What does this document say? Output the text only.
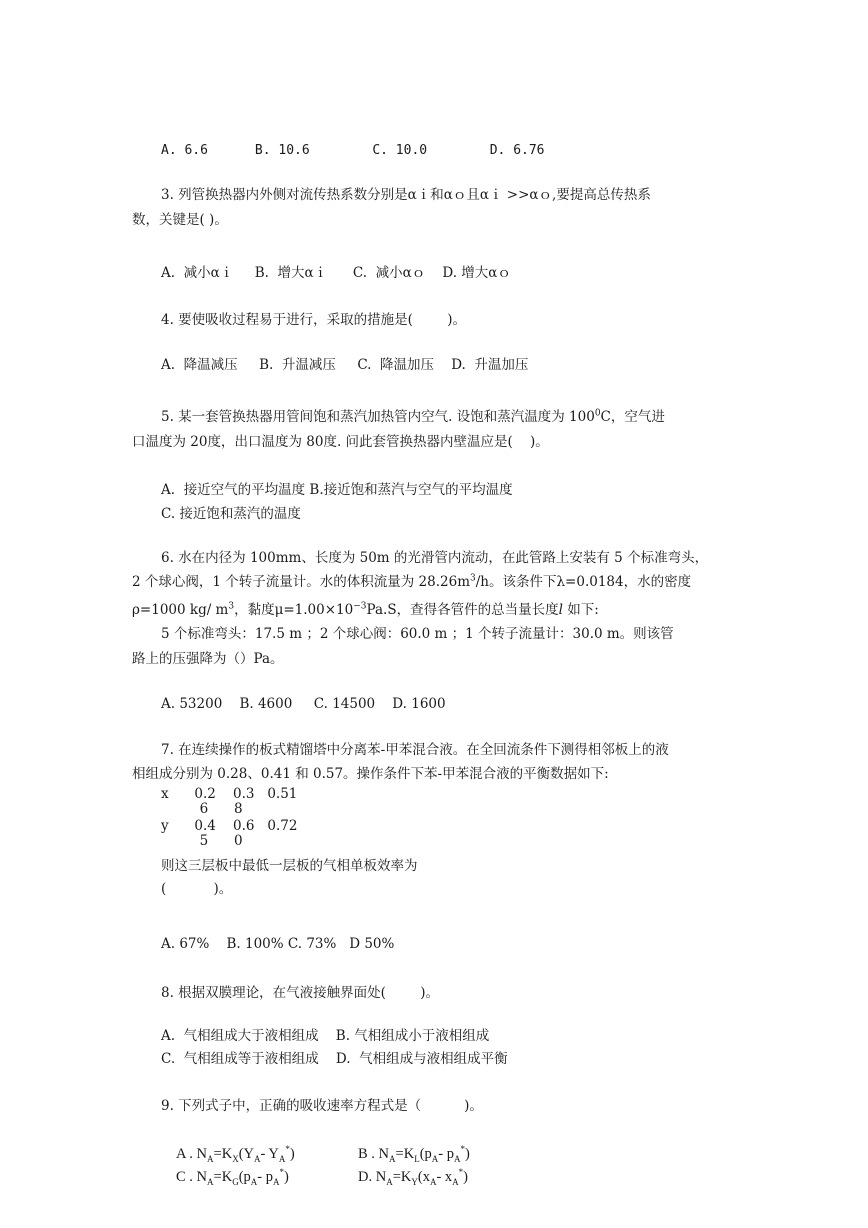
A. 6.6      B. 10.6        C. 10.0        D. 6.76
3. 列管换热器内外侧对流传热系数分别是αｉ和αｏ且αｉ >>αｏ,要提高总传热系
数，关键是( )。
A.  减小αｉ     B.  增大αｉ      C.  减小αｏ    D. 增大αｏ
4. 要使吸收过程易于进行，采取的措施是(        )。
A.  降温减压     B.  升温减压     C.  降温加压    D.  升温加压
5. 某一套管换热器用管间饱和蒸汽加热管内空气. 设饱和蒸汽温度为 $100^0C$，空气进
口温度为 20度，出口温度为 80度. 问此套管换热器内壁温应是(    )。
A.  接近空气的平均温度 B.接近饱和蒸汽与空气的平均温度
C. 接近饱和蒸汽的温度
6. 水在内径为 100mm、长度为 50m 的光滑管内流动，在此管路上安装有 5 个标准弯头，
2 个球心阀，1 个转子流量计。水的体积流量为 $28.26m^3/h$。该条件下λ=0.0184，水的密度
ρ=1000 kg/ $m^3$，黏度$\mu=1.00\times 10^{-3}Pa.S$，查得各管件的总当量长度l 如下:
5 个标准弯头：17.5 m ；2 个球心阀：60.0 m ；1 个转子流量计：30.0 m。则该管
路上的压强降为（）Pa。
A. 53200    B. 4600     C. 14500    D. 1600
7. 在连续操作的板式精馏塔中分离苯-甲苯混合液。在全回流条件下测得相邻板上的液
相组成分别为 0.28、0.41 和 0.57。操作条件下苯-甲苯混合液的平衡数据如下:
x      0.2    0.3   0.51
6      8
y      0.4    0.6   0.72
5      0
则这三层板中最低一层板的气相单板效率为
(           )。
A. 67%    B. 100% C. 73%   D 50%
8. 根据双膜理论，在气液接触界面处(        )。
A.  气相组成大于液相组成    B. 气相组成小于液相组成
C.  气相组成等于液相组成    D.  气相组成与液相组成平衡
9. 下列式子中，正确的吸收速率方程式是（          )。
A . $N_A=K_X(Y_A-$ $Y_A^*$)	B . $N_A=K_L(p_A-$ $p_A^*$)
C . $N_A=K_G(p_A-$ $p_A^*$)	D. $N_A=K_Y(x_A-$ $x_A^*$)
